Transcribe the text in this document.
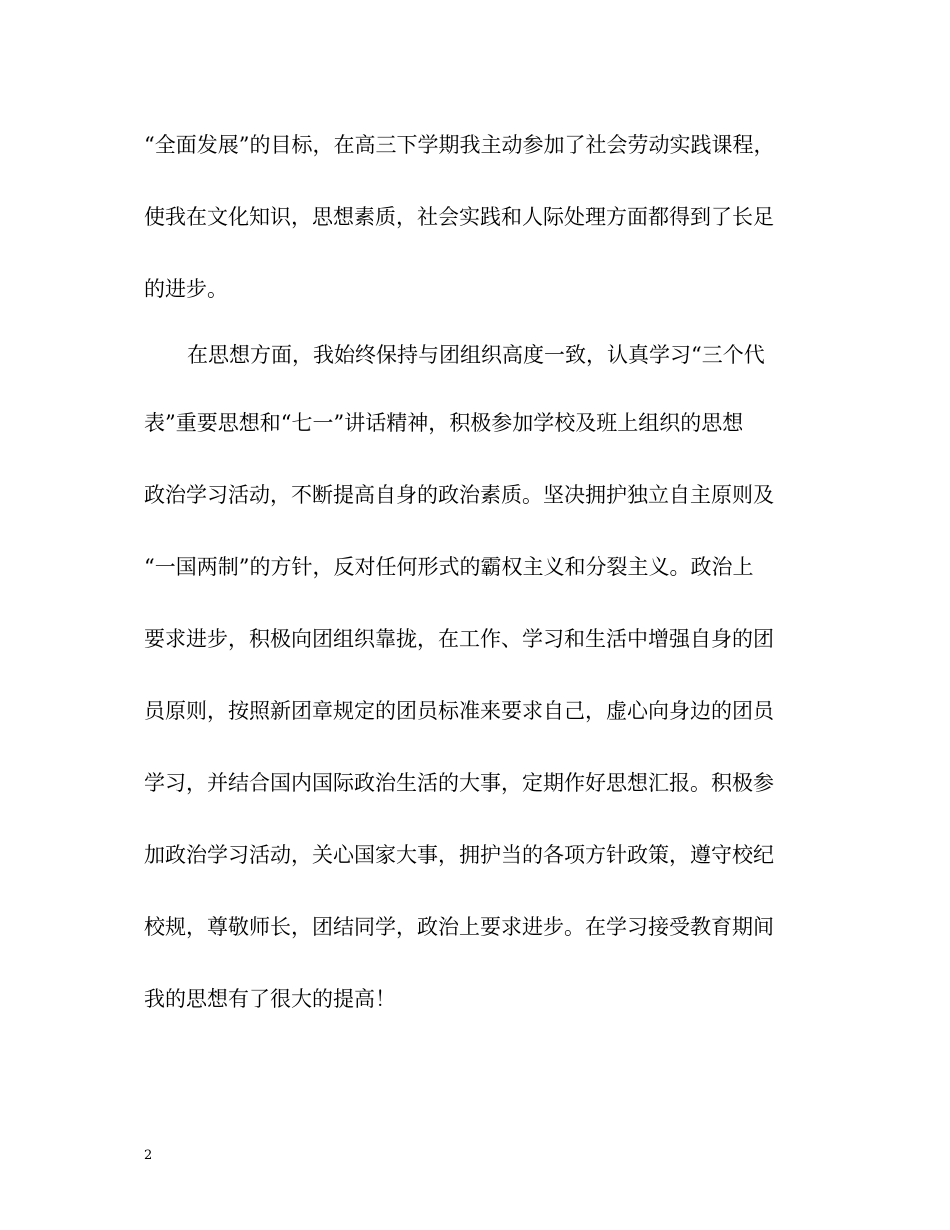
“全面发展”的目标，在高三下学期我主动参加了社会劳动实践课程，
使我在文化知识，思想素质，社会实践和人际处理方面都得到了长足
的进步。
在思想方面，我始终保持与团组织高度一致，认真学习“三个代
表”重要思想和“七一”讲话精神，积极参加学校及班上组织的思想
政治学习活动，不断提高自身的政治素质。坚决拥护独立自主原则及
“一国两制”的方针，反对任何形式的霸权主义和分裂主义。政治上
要求进步，积极向团组织靠拢，在工作、学习和生活中增强自身的团
员原则，按照新团章规定的团员标准来要求自己，虚心向身边的团员
学习，并结合国内国际政治生活的大事，定期作好思想汇报。积极参
加政治学习活动，关心国家大事，拥护当的各项方针政策，遵守校纪
校规，尊敬师长，团结同学，政治上要求进步。在学习接受教育期间
我的思想有了很大的提高！
2
